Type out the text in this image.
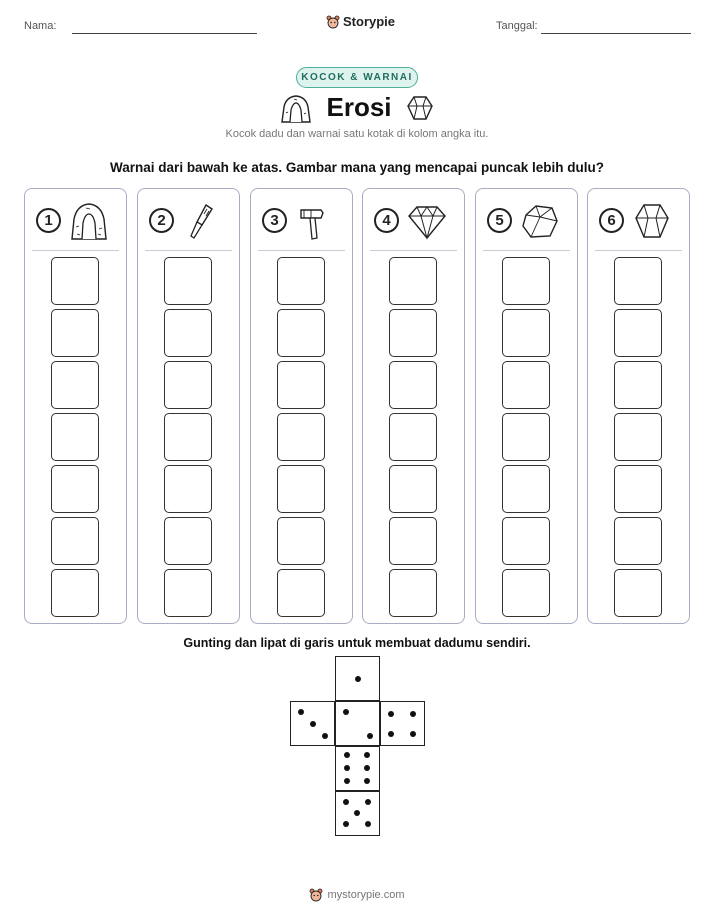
Nama:	Storypie	Tanggal:
KOCOK & WARNAI
Erosi
Kocok dadu dan warnai satu kotak di kolom angka itu.
Warnai dari bawah ke atas. Gambar mana yang mencapai puncak lebih dulu?
1	2	3	4	5	6
Gunting dan lipat di garis untuk membuat dadumu sendiri.
mystorypie.com
